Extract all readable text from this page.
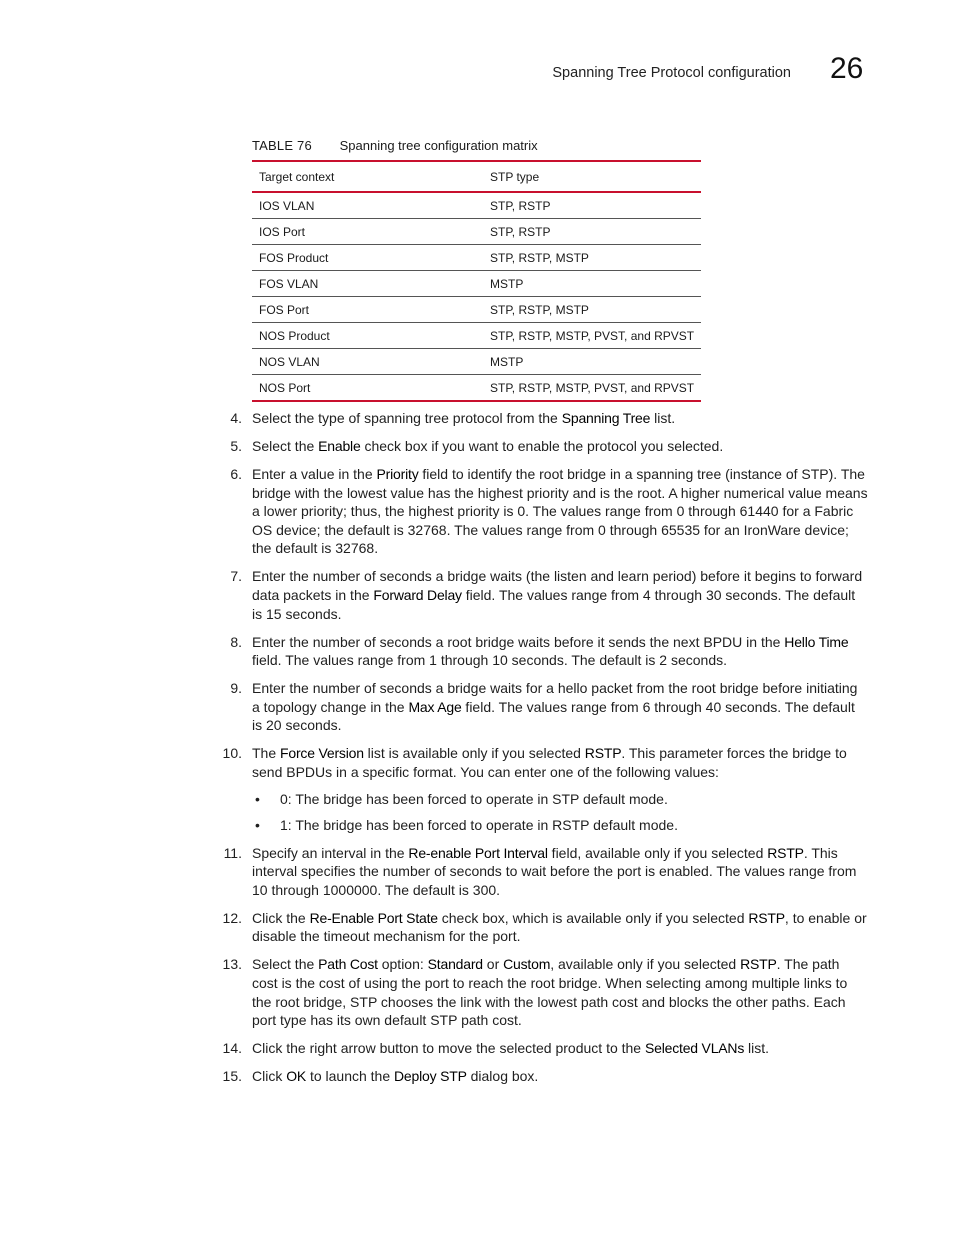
Spanning Tree Protocol configuration 26
TABLE 76 Spanning tree configuration matrix
Target context	STP type
IOS VLAN	STP, RSTP
IOS Port	STP, RSTP
FOS Product	STP, RSTP, MSTP
FOS VLAN	MSTP
FOS Port	STP, RSTP, MSTP
NOS Product	STP, RSTP, MSTP, PVST, and RPVST
NOS VLAN	MSTP
NOS Port	STP, RSTP, MSTP, PVST, and RPVST
4. Select the type of spanning tree protocol from the Spanning Tree list.
5. Select the Enable check box if you want to enable the protocol you selected.
6. Enter a value in the Priority field to identify the root bridge in a spanning tree (instance of STP). The bridge with the lowest value has the highest priority and is the root. A higher numerical value means a lower priority; thus, the highest priority is 0. The values range from 0 through 61440 for a Fabric OS device; the default is 32768. The values range from 0 through 65535 for an IronWare device; the default is 32768.
7. Enter the number of seconds a bridge waits (the listen and learn period) before it begins to forward data packets in the Forward Delay field. The values range from 4 through 30 seconds. The default is 15 seconds.
8. Enter the number of seconds a root bridge waits before it sends the next BPDU in the Hello Time field. The values range from 1 through 10 seconds. The default is 2 seconds.
9. Enter the number of seconds a bridge waits for a hello packet from the root bridge before initiating a topology change in the Max Age field. The values range from 6 through 40 seconds. The default is 20 seconds.
10. The Force Version list is available only if you selected RSTP. This parameter forces the bridge to send BPDUs in a specific format. You can enter one of the following values:
• 0: The bridge has been forced to operate in STP default mode.
• 1: The bridge has been forced to operate in RSTP default mode.
11. Specify an interval in the Re-enable Port Interval field, available only if you selected RSTP. This interval specifies the number of seconds to wait before the port is enabled. The values range from 10 through 1000000. The default is 300.
12. Click the Re-Enable Port State check box, which is available only if you selected RSTP, to enable or disable the timeout mechanism for the port.
13. Select the Path Cost option: Standard or Custom, available only if you selected RSTP. The path cost is the cost of using the port to reach the root bridge. When selecting among multiple links to the root bridge, STP chooses the link with the lowest path cost and blocks the other paths. Each port type has its own default STP path cost.
14. Click the right arrow button to move the selected product to the Selected VLANs list.
15. Click OK to launch the Deploy STP dialog box.
